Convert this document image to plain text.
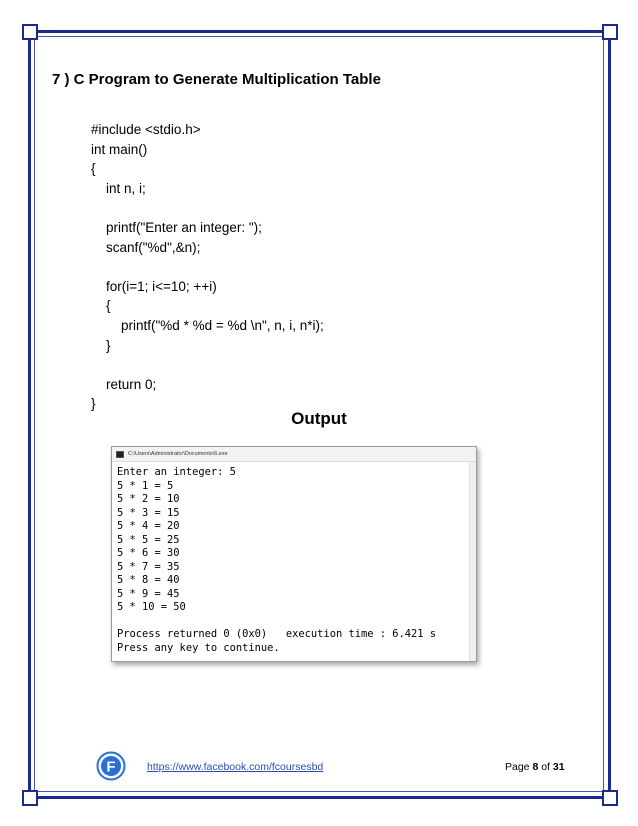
7 ) C Program to Generate Multiplication Table
#include <stdio.h>
int main()
{
int n, i;

printf("Enter an integer: ");
scanf("%d",&n);

for(i=1; i<=10; ++i)
{
printf("%d * %d = %d \n", n, i, n*i);
}

return 0;
}
Output
C:\Users\Administrator\Documents\6.exe
Enter an integer: 5
5 * 1 = 5
5 * 2 = 10
5 * 3 = 15
5 * 4 = 20
5 * 5 = 25
5 * 6 = 30
5 * 7 = 35
5 * 8 = 40
5 * 9 = 45
5 * 10 = 50

Process returned 0 (0x0)   execution time : 6.421 s
Press any key to continue.
F	https://www.facebook.com/fcoursesbd	Page 8 of 31
